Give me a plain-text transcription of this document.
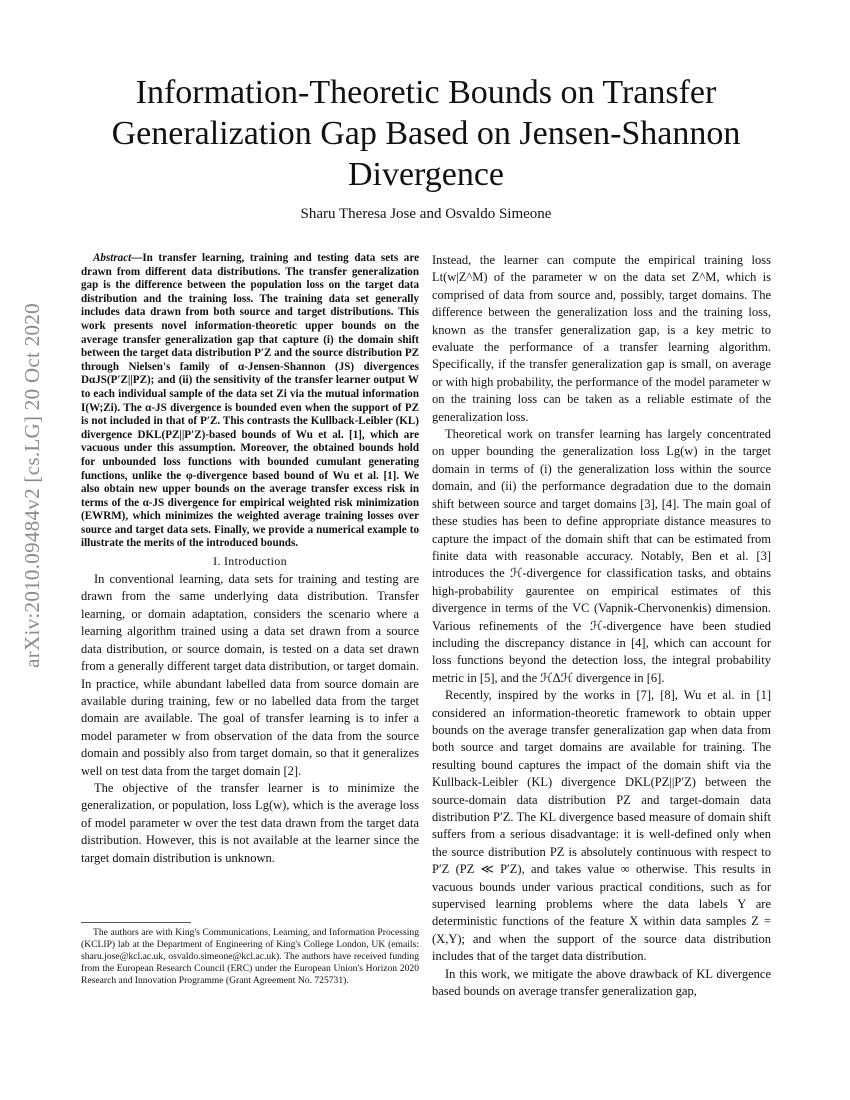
arXiv:2010.09484v2 [cs.LG] 20 Oct 2020
Information-Theoretic Bounds on Transfer Generalization Gap Based on Jensen-Shannon Divergence

Sharu Theresa Jose and Osvaldo Simeone

Abstract—In transfer learning, training and testing data sets are drawn from different data distributions. The transfer generalization gap is the difference between the population loss on the target data distribution and the training loss. The training data set generally includes data drawn from both source and target distributions. This work presents novel information-theoretic upper bounds on the average transfer generalization gap that capture (i) the domain shift between the target data distribution P′Z and the source distribution PZ through Nielsen's family of α-Jensen-Shannon (JS) divergences DαJS(P′Z||PZ); and (ii) the sensitivity of the transfer learner output W to each individual sample of the data set Zi via the mutual information I(W;Zi). The α-JS divergence is bounded even when the support of PZ is not included in that of P′Z. This contrasts the Kullback-Leibler (KL) divergence DKL(PZ||P′Z)-based bounds of Wu et al. [1], which are vacuous under this assumption. Moreover, the obtained bounds hold for unbounded loss functions with bounded cumulant generating functions, unlike the φ-divergence based bound of Wu et al. [1]. We also obtain new upper bounds on the average transfer excess risk in terms of the α-JS divergence for empirical weighted risk minimization (EWRM), which minimizes the weighted average training losses over source and target data sets. Finally, we provide a numerical example to illustrate the merits of the introduced bounds.

I. Introduction

In conventional learning, data sets for training and testing are drawn from the same underlying data distribution. Transfer learning, or domain adaptation, considers the scenario where a learning algorithm trained using a data set drawn from a source data distribution, or source domain, is tested on a data set drawn from a generally different target data distribution, or target domain. In practice, while abundant labelled data from source domain are available during training, few or no labelled data from the target domain are available. The goal of transfer learning is to infer a model parameter w from observation of the data from the source domain and possibly also from target domain, so that it generalizes well on test data from the target domain [2].

The objective of the transfer learner is to minimize the generalization, or population, loss Lg(w), which is the average loss of model parameter w over the test data drawn from the target data distribution. However, this is not available at the learner since the target domain distribution is unknown.

Instead, the learner can compute the empirical training loss Lt(w|Z^M) of the parameter w on the data set Z^M, which is comprised of data from source and, possibly, target domains. The difference between the generalization loss and the training loss, known as the transfer generalization gap, is a key metric to evaluate the performance of a transfer learning algorithm. Specifically, if the transfer generalization gap is small, on average or with high probability, the performance of the model parameter w on the training loss can be taken as a reliable estimate of the generalization loss.

Theoretical work on transfer learning has largely concentrated on upper bounding the generalization loss Lg(w) in the target domain in terms of (i) the generalization loss within the source domain, and (ii) the performance degradation due to the domain shift between source and target domains [3], [4]. The main goal of these studies has been to define appropriate distance measures to capture the impact of the domain shift that can be estimated from finite data with reasonable accuracy. Notably, Ben et al. [3] introduces the ℋ-divergence for classification tasks, and obtains high-probability gaurentee on empirical estimates of this divergence in terms of the VC (Vapnik-Chervonenkis) dimension. Various refinements of the ℋ-divergence have been studied including the discrepancy distance in [4], which can account for loss functions beyond the detection loss, the integral probability metric in [5], and the ℋΔℋ divergence in [6].

Recently, inspired by the works in [7], [8], Wu et al. in [1] considered an information-theoretic framework to obtain upper bounds on the average transfer generalization gap when data from both source and target domains are available for training. The resulting bound captures the impact of the domain shift via the Kullback-Leibler (KL) divergence DKL(PZ||P′Z) between the source-domain data distribution PZ and target-domain data distribution P′Z. The KL divergence based measure of domain shift suffers from a serious disadvantage: it is well-defined only when the source distribution PZ is absolutely continuous with respect to P′Z (PZ ≪ P′Z), and takes value ∞ otherwise. This results in vacuous bounds under various practical conditions, such as for supervised learning problems where the data labels Y are deterministic functions of the feature X within data samples Z = (X,Y); and when the support of the source data distribution includes that of the target data distribution.

In this work, we mitigate the above drawback of KL divergence based bounds on average transfer generalization gap,

The authors are with King's Communications, Learning, and Information Processing (KCLIP) lab at the Department of Engineering of King's College London, UK (emails: sharu.jose@kcl.ac.uk, osvaldo.simeone@kcl.ac.uk). The authors have received funding from the European Research Council (ERC) under the European Union's Horizon 2020 Research and Innovation Programme (Grant Agreement No. 725731).
